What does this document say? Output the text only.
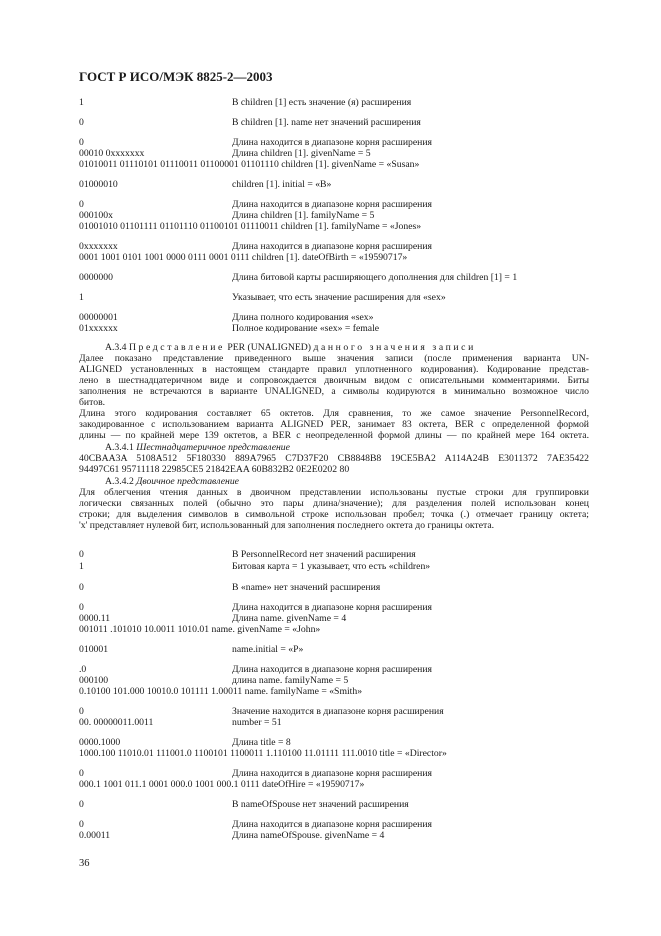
ГОСТ Р ИСО/МЭК 8825-2—2003
1	В children [1] есть значение (я) расширения
0	В children [1]. name нет значений расширения
0	Длина находится в диапазоне корня расширения
00010 0xxxxxxx	Длина children [1]. givenName = 5
01010011 01110101 01110011 01100001 01101110 children [1]. givenName = «Susan»
01000010	children [1]. initial = «B»
0	Длина находится в диапазоне корня расширения
000100x	Длина children [1]. familyName = 5
01001010 01101111 01101110 01100101 01110011 children [1]. familyName = «Jones»
0xxxxxxx	Длина находится в диапазоне корня расширения
0001 1001 0101 1001 0000 0111 0001 0111 children [1]. dateOfBirth = «19590717»
0000000	Длина битовой карты расширяющего дополнения для children [1] = 1
1	Указывает, что есть значение расширения для «sex»
00000001	Длина полного кодирования «sex»
01xxxxxx	Полное кодирование «sex» = female
A.3.4 Представление PER (UNALIGNED) данного значения записи
Далее показано представление приведенного выше значения записи (после применения варианта UN-
ALIGNED установленных в настоящем стандарте правил уплотненного кодирования). Кодирование представ-
лено в шестнадцатеричном виде и сопровождается двоичным видом с описательными комментариями. Биты
заполнения не встречаются в варианте UNALIGNED, а символы кодируются в минимально возможное число
битов.
Длина этого кодирования составляет 65 октетов. Для сравнения, то же самое значение PersonnelRecord,
закодированное с использованием варианта ALIGNED PER, занимает 83 октета, BER с определенной формой
длины — по крайней мере 139 октетов, а BER с неопределенной формой длины — по крайней мере 164 октета.
A.3.4.1 Шестнадцатеричное представление
40CBAA3A 5108A512 5F180330 889A7965 C7D37F20 CB8848B8 19CE5BA2 A114A24B E3011372 7AE35422
94497C61 95711118 22985CE5 21842EAA 60B832B2 0E2E0202 80
A.3.4.2 Двоичное представление
Для облегчения чтения данных в двоичном представлении использованы пустые строки для группировки
логически связанных полей (обычно это пары длина/значение); для разделения полей использован конец
строки; для выделения символов в символьной строке использован пробел; точка (.) отмечает границу октета;
'x' представляет нулевой бит, использованный для заполнения последнего октета до границы октета.
0	В PersonnelRecord нет значений расширения
1	Битовая карта = 1 указывает, что есть «children»
0	В «name» нет значений расширения
0	Длина находится в диапазоне корня расширения
0000.11	Длина name. givenName = 4
001011 .101010 10.0011 1010.01 name. givenName = «John»
010001	name.initial = «P»
.0	Длина находится в диапазоне корня расширения
000100	длина name. familyName = 5
0.10100 101.000 10010.0 101111 1.00011 name. familyName = «Smith»
0	Значение находится в диапазоне корня расширения
00. 00000011.0011	number = 51
0000.1000	Длина title = 8
1000.100 11010.01 111001.0 1100101 1100011 1.110100 11.01111 111.0010 title = «Director»
0	Длина находится в диапазоне корня расширения
000.1 1001 011.1 0001 000.0 1001 000.1 0111 dateOfHire = «19590717»
0	В nameOfSpouse нет значений расширения
0	Длина находится в диапазоне корня расширения
0.00011	Длина nameOfSpouse. givenName = 4
36
